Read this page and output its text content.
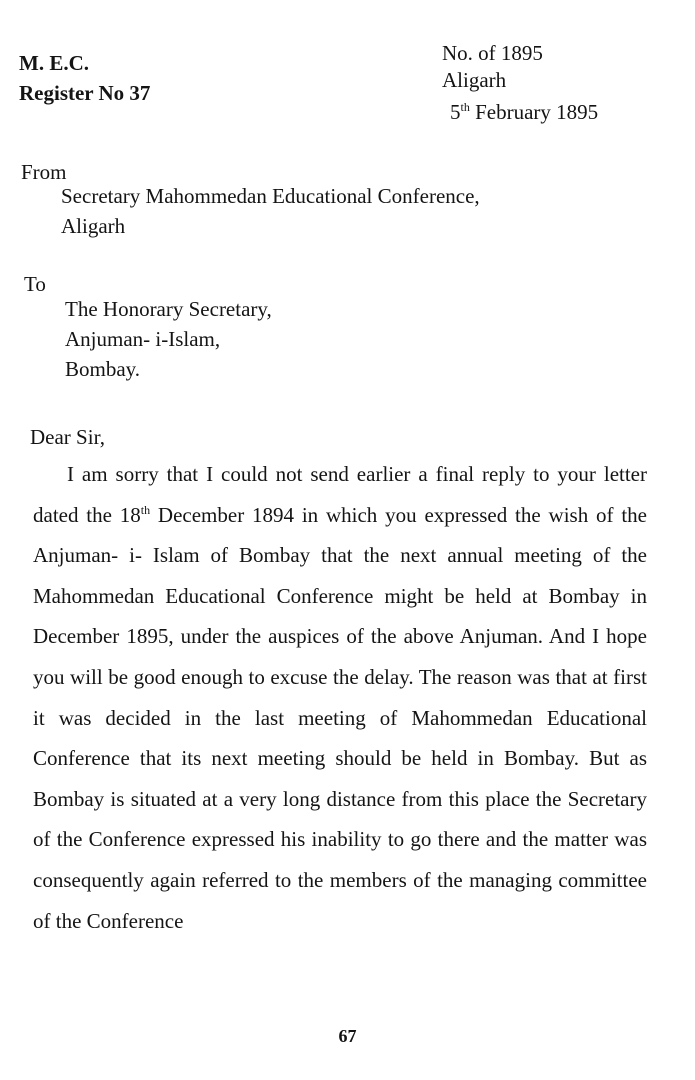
M. E.C.
Register No 37
No. of 1895
Aligarh
5th February 1895
From
Secretary Mahommedan Educational Conference,
Aligarh
To
The Honorary Secretary,
Anjuman- i-Islam,
Bombay.
Dear Sir,

I am sorry that I could not send earlier a final reply to your letter dated the 18th December 1894 in which you expressed the wish of the Anjuman- i- Islam of Bombay that the next annual meeting of the Mahommedan Educational Conference might be held at Bombay in December 1895, under the auspices of the above Anjuman. And I hope you will be good enough to excuse the delay. The reason was that at first it was decided in the last meeting of Mahommedan Educational Conference that its next meeting should be held in Bombay. But as Bombay is situated at a very long distance from this place the Secretary of the Conference expressed his inability to go there and the matter was consequently again referred to the members of the managing committee of the Conference

67
